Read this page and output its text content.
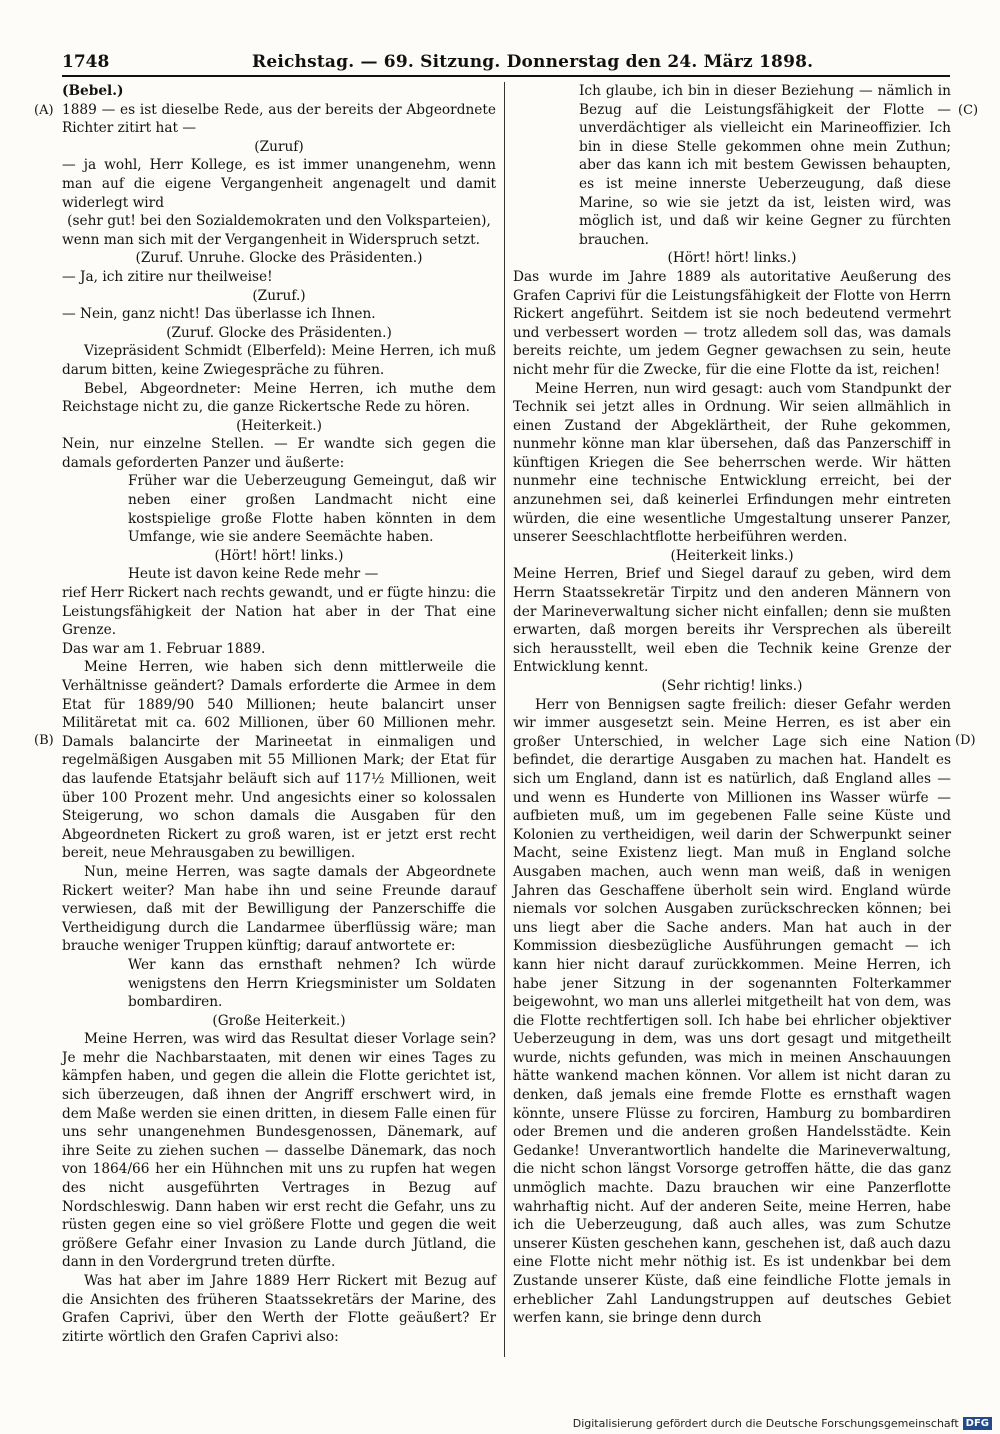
1748	Reichstag. — 69. Sitzung. Donnerstag den 24. März 1898.
(A)
(B)
(C)
(D)

(Bebel.)

1889 — es ist dieselbe Rede, aus der bereits der Abgeordnete Richter zitirt hat —

(Zuruf)

— ja wohl, Herr Kollege, es ist immer unangenehm, wenn man auf die eigene Vergangenheit angenagelt und damit widerlegt wird

(sehr gut! bei den Sozialdemokraten und den Volksparteien),

wenn man sich mit der Vergangenheit in Widerspruch setzt.

(Zuruf. Unruhe. Glocke des Präsidenten.)

— Ja, ich zitire nur theilweise!

(Zuruf.)

— Nein, ganz nicht! Das überlasse ich Ihnen.

(Zuruf. Glocke des Präsidenten.)

Vizepräsident Schmidt (Elberfeld): Meine Herren, ich muß darum bitten, keine Zwiegespräche zu führen.

Bebel, Abgeordneter: Meine Herren, ich muthe dem Reichstage nicht zu, die ganze Rickertsche Rede zu hören.

(Heiterkeit.)

Nein, nur einzelne Stellen. — Er wandte sich gegen die damals geforderten Panzer und äußerte:

Früher war die Ueberzeugung Gemeingut, daß wir neben einer großen Landmacht nicht eine kostspielige große Flotte haben könnten in dem Umfange, wie sie andere Seemächte haben.

(Hört! hört! links.)

Heute ist davon keine Rede mehr —

rief Herr Rickert nach rechts gewandt, und er fügte hinzu: die Leistungsfähigkeit der Nation hat aber in der That eine Grenze.

Das war am 1. Februar 1889.

Meine Herren, wie haben sich denn mittlerweile die Verhältnisse geändert? Damals erforderte die Armee in dem Etat für 1889/90 540 Millionen; heute balancirt unser Militäretat mit ca. 602 Millionen, über 60 Millionen mehr. Damals balancirte der Marineetat in einmaligen und regelmäßigen Ausgaben mit 55 Millionen Mark; der Etat für das laufende Etatsjahr beläuft sich auf 117½ Millionen, weit über 100 Prozent mehr. Und angesichts einer so kolossalen Steigerung, wo schon damals die Ausgaben für den Abgeordneten Rickert zu groß waren, ist er jetzt erst recht bereit, neue Mehrausgaben zu bewilligen.

Nun, meine Herren, was sagte damals der Abgeordnete Rickert weiter? Man habe ihn und seine Freunde darauf verwiesen, daß mit der Bewilligung der Panzerschiffe die Vertheidigung durch die Landarmee überflüssig wäre; man brauche weniger Truppen künftig; darauf antwortete er:

Wer kann das ernsthaft nehmen? Ich würde wenigstens den Herrn Kriegsminister um Soldaten bombardiren.

(Große Heiterkeit.)

Meine Herren, was wird das Resultat dieser Vorlage sein? Je mehr die Nachbarstaaten, mit denen wir eines Tages zu kämpfen haben, und gegen die allein die Flotte gerichtet ist, sich überzeugen, daß ihnen der Angriff erschwert wird, in dem Maße werden sie einen dritten, in diesem Falle einen für uns sehr unangenehmen Bundesgenossen, Dänemark, auf ihre Seite zu ziehen suchen — dasselbe Dänemark, das noch von 1864/66 her ein Hühnchen mit uns zu rupfen hat wegen des nicht ausgeführten Vertrages in Bezug auf Nordschleswig. Dann haben wir erst recht die Gefahr, uns zu rüsten gegen eine so viel größere Flotte und gegen die weit größere Gefahr einer Invasion zu Lande durch Jütland, die dann in den Vordergrund treten dürfte.

Was hat aber im Jahre 1889 Herr Rickert mit Bezug auf die Ansichten des früheren Staatssekretärs der Marine, des Grafen Caprivi, über den Werth der Flotte geäußert? Er zitirte wörtlich den Grafen Caprivi also:

Ich glaube, ich bin in dieser Beziehung — nämlich in Bezug auf die Leistungsfähigkeit der Flotte — unverdächtiger als vielleicht ein Marineoffizier. Ich bin in diese Stelle gekommen ohne mein Zuthun; aber das kann ich mit bestem Gewissen behaupten, es ist meine innerste Ueberzeugung, daß diese Marine, so wie sie jetzt da ist, leisten wird, was möglich ist, und daß wir keine Gegner zu fürchten brauchen.

(Hört! hört! links.)

Das wurde im Jahre 1889 als autoritative Aeußerung des Grafen Caprivi für die Leistungsfähigkeit der Flotte von Herrn Rickert angeführt. Seitdem ist sie noch bedeutend vermehrt und verbessert worden — trotz alledem soll das, was damals bereits reichte, um jedem Gegner gewachsen zu sein, heute nicht mehr für die Zwecke, für die eine Flotte da ist, reichen!

Meine Herren, nun wird gesagt: auch vom Standpunkt der Technik sei jetzt alles in Ordnung. Wir seien allmählich in einen Zustand der Abgeklärtheit, der Ruhe gekommen, nunmehr könne man klar übersehen, daß das Panzerschiff in künftigen Kriegen die See beherrschen werde. Wir hätten nunmehr eine technische Entwicklung erreicht, bei der anzunehmen sei, daß keinerlei Erfindungen mehr eintreten würden, die eine wesentliche Umgestaltung unserer Panzer, unserer Seeschlachtflotte herbeiführen werden.

(Heiterkeit links.)

Meine Herren, Brief und Siegel darauf zu geben, wird dem Herrn Staatssekretär Tirpitz und den anderen Männern von der Marineverwaltung sicher nicht einfallen; denn sie mußten erwarten, daß morgen bereits ihr Versprechen als übereilt sich herausstellt, weil eben die Technik keine Grenze der Entwicklung kennt.

(Sehr richtig! links.)

Herr von Bennigsen sagte freilich: dieser Gefahr werden wir immer ausgesetzt sein. Meine Herren, es ist aber ein großer Unterschied, in welcher Lage sich eine Nation befindet, die derartige Ausgaben zu machen hat. Handelt es sich um England, dann ist es natürlich, daß England alles — und wenn es Hunderte von Millionen ins Wasser würfe — aufbieten muß, um im gegebenen Falle seine Küste und Kolonien zu vertheidigen, weil darin der Schwerpunkt seiner Macht, seine Existenz liegt. Man muß in England solche Ausgaben machen, auch wenn man weiß, daß in wenigen Jahren das Geschaffene überholt sein wird. England würde niemals vor solchen Ausgaben zurückschrecken können; bei uns liegt aber die Sache anders. Man hat auch in der Kommission diesbezügliche Ausführungen gemacht — ich kann hier nicht darauf zurückkommen. Meine Herren, ich habe jener Sitzung in der sogenannten Folterkammer beigewohnt, wo man uns allerlei mitgetheilt hat von dem, was die Flotte rechtfertigen soll. Ich habe bei ehrlicher objektiver Ueberzeugung in dem, was uns dort gesagt und mitgetheilt wurde, nichts gefunden, was mich in meinen Anschauungen hätte wankend machen können. Vor allem ist nicht daran zu denken, daß jemals eine fremde Flotte es ernsthaft wagen könnte, unsere Flüsse zu forciren, Hamburg zu bombardiren oder Bremen und die anderen großen Handelsstädte. Kein Gedanke! Unverantwortlich handelte die Marineverwaltung, die nicht schon längst Vorsorge getroffen hätte, die das ganz unmöglich machte. Dazu brauchen wir eine Panzerflotte wahrhaftig nicht. Auf der anderen Seite, meine Herren, habe ich die Ueberzeugung, daß auch alles, was zum Schutze unserer Küsten geschehen kann, geschehen ist, daß auch dazu eine Flotte nicht mehr nöthig ist. Es ist undenkbar bei dem Zustande unserer Küste, daß eine feindliche Flotte jemals in erheblicher Zahl Landungstruppen auf deutsches Gebiet werfen kann, sie bringe denn durch

Digitalisierung gefördert durch die Deutsche Forschungsgemeinschaft DFG
